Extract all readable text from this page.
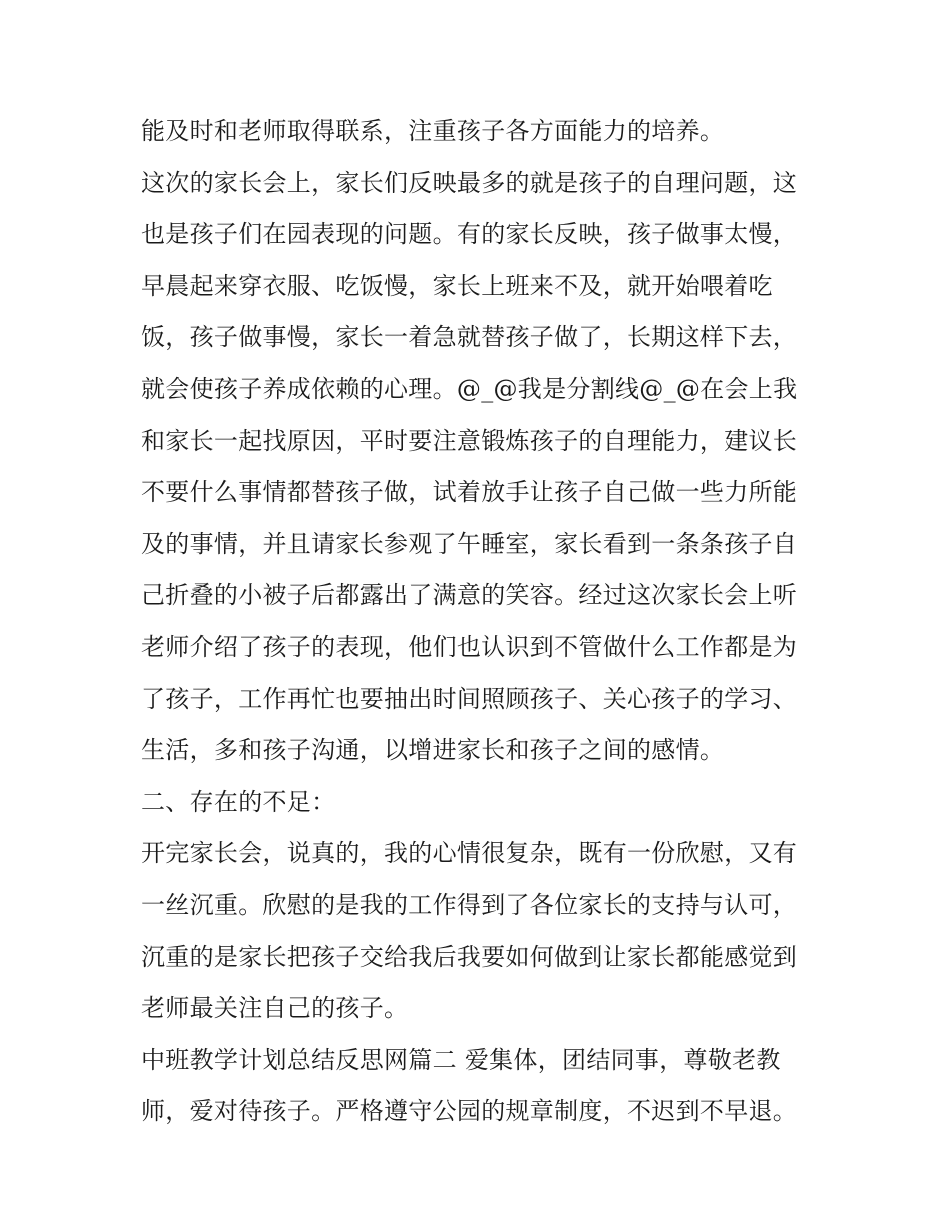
能及时和老师取得联系，注重孩子各方面能力的培养。
这次的家长会上，家长们反映最多的就是孩子的自理问题，这
也是孩子们在园表现的问题。有的家长反映，孩子做事太慢，
早晨起来穿衣服、吃饭慢，家长上班来不及，就开始喂着吃
饭，孩子做事慢，家长一着急就替孩子做了，长期这样下去，
就会使孩子养成依赖的心理。@_@我是分割线@_@在会上我
和家长一起找原因，平时要注意锻炼孩子的自理能力，建议长
不要什么事情都替孩子做，试着放手让孩子自己做一些力所能
及的事情，并且请家长参观了午睡室，家长看到一条条孩子自
己折叠的小被子后都露出了满意的笑容。经过这次家长会上听
老师介绍了孩子的表现，他们也认识到不管做什么工作都是为
了孩子，工作再忙也要抽出时间照顾孩子、关心孩子的学习、
生活，多和孩子沟通，以增进家长和孩子之间的感情。
二、存在的不足：
开完家长会，说真的，我的心情很复杂，既有一份欣慰，又有
一丝沉重。欣慰的是我的工作得到了各位家长的支持与认可，
沉重的是家长把孩子交给我后我要如何做到让家长都能感觉到
老师最关注自己的孩子。
中班教学计划总结反思网篇二 爱集体，团结同事，尊敬老教
师，爱对待孩子。严格遵守公园的规章制度，不迟到不早退。
